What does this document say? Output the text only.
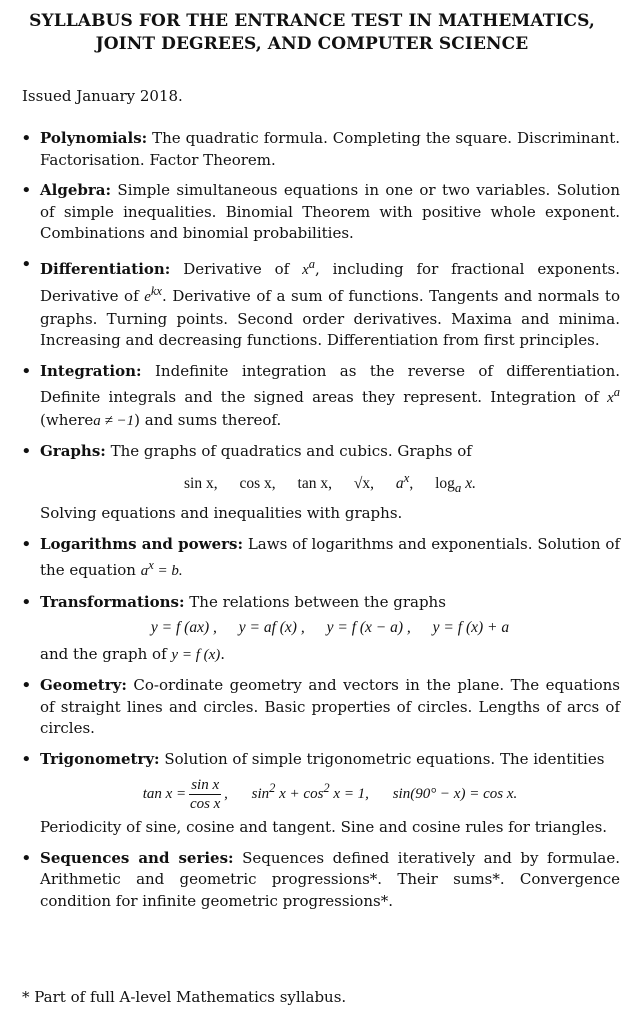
SYLLABUS FOR THE ENTRANCE TEST IN MATHEMATICS,
JOINT DEGREES, AND COMPUTER SCIENCE
Issued January 2018.
• Polynomials: The quadratic formula. Completing the square. Discriminant. Factorisation. Factor Theorem.
• Algebra: Simple simultaneous equations in one or two variables. Solution of simple inequalities. Binomial Theorem with positive whole exponent. Combinations and binomial probabilities.
• Differentiation: Derivative of $x^a$, including for fractional exponents. Derivative of $e^{kx}$. Derivative of a sum of functions. Tangents and normals to graphs. Turning points. Second order derivatives. Maxima and minima. Increasing and decreasing functions. Differentiation from first principles.
• Integration: Indefinite integration as the reverse of differentiation. Definite integrals and the signed areas they represent. Integration of $x^a$ (wherea ≠ −1) and sums thereof.
• Graphs: The graphs of quadratics and cubics. Graphs of
sin x, cos x, tan x, √x, $a^x$, $\log_a x$.
Solving equations and inequalities with graphs.
• Logarithms and powers: Laws of logarithms and exponentials. Solution of the equation $a^x = b$.
• Transformations: The relations between the graphs
y = f (ax) , y = af (x) , y = f (x − a) , y = f (x) + a
and the graph of y = f (x).
• Geometry: Co-ordinate geometry and vectors in the plane. The equations of straight lines and circles. Basic properties of circles. Lengths of arcs of circles.
• Trigonometry: Solution of simple trigonometric equations. The identities
$\tan x = \frac{\text{sin x}}{\text{cos x}}$ , $\sin^2 x + \cos^2 x = 1$, sin(90° − x) = cos x.
Periodicity of sine, cosine and tangent. Sine and cosine rules for triangles.
• Sequences and series: Sequences defined iteratively and by formulae. Arithmetic and geometric progressions*. Their sums*. Convergence condition for infinite geometric progressions*.
* Part of full A-level Mathematics syllabus.
